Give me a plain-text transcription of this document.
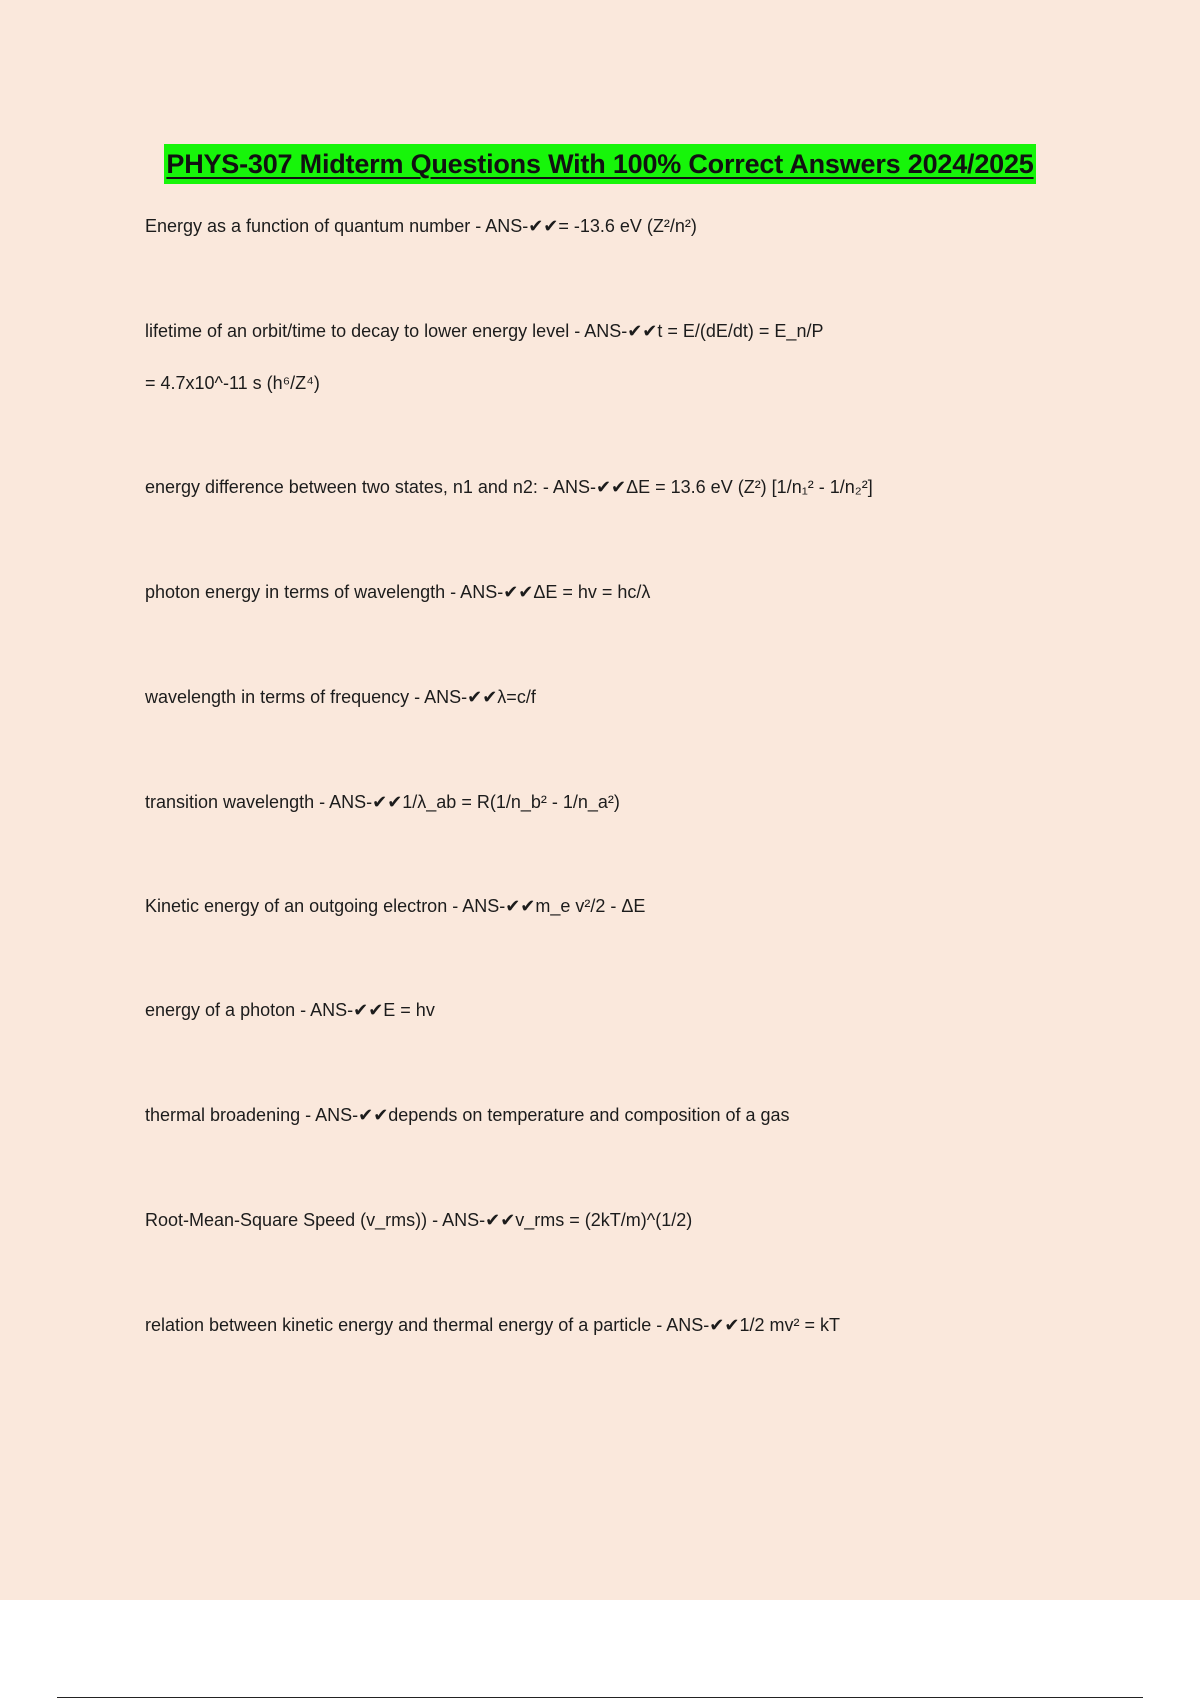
PHYS-307 Midterm Questions With 100% Correct Answers 2024/2025
Energy as a function of quantum number - ANS-✔✔= -13.6 eV (Z²/n²)
lifetime of an orbit/time to decay to lower energy level - ANS-✔✔t = E/(dE/dt) = E_n/P
= 4.7x10^-11 s (h⁶/Z⁴)
energy difference between two states, n1 and n2: - ANS-✔✔ΔE = 13.6 eV (Z²) [1/n₁² - 1/n₂²]
photon energy in terms of wavelength - ANS-✔✔ΔE = hv = hc/λ
wavelength in terms of frequency - ANS-✔✔λ=c/f
transition wavelength - ANS-✔✔1/λ_ab = R(1/n_b² - 1/n_a²)
Kinetic energy of an outgoing electron - ANS-✔✔m_e v²/2 - ΔE
energy of a photon - ANS-✔✔E = hv
thermal broadening - ANS-✔✔depends on temperature and composition of a gas
Root-Mean-Square Speed (v_rms)) - ANS-✔✔v_rms = (2kT/m)^(1/2)
relation between kinetic energy and thermal energy of a particle - ANS-✔✔1/2 mv² = kT
